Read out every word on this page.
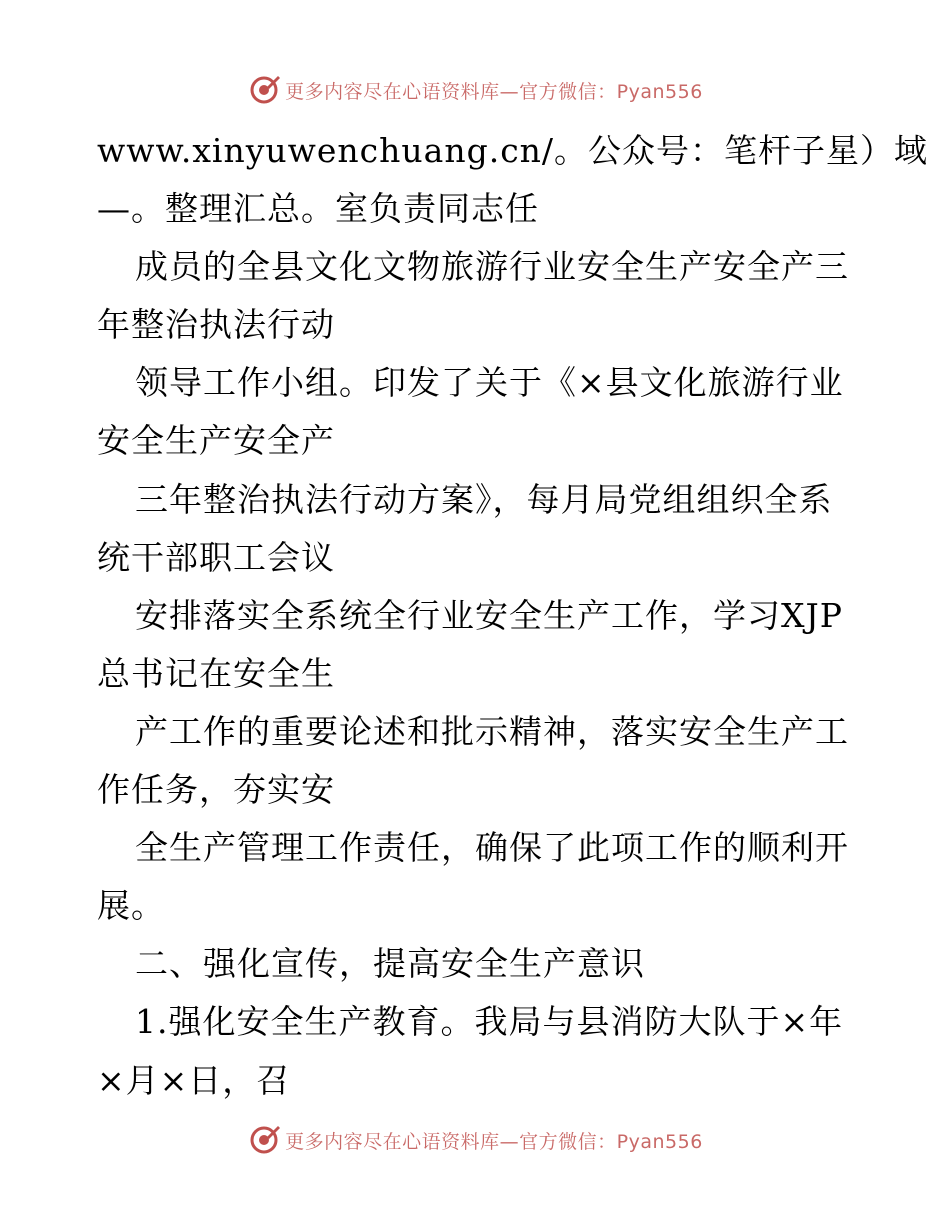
更多内容尽在心语资料库—官方微信：Pyan556
www.xinyuwenchuang.cn/。公众号：笔杆子星）域
—。整理汇总。室负责同志任
成员的全县文化文物旅游行业安全生产安全产三
年整治执法行动
领导工作小组。印发了关于《×县文化旅游行业
安全生产安全产
三年整治执法行动方案》，每月局党组组织全系
统干部职工会议
安排落实全系统全行业安全生产工作，学习XJP
总书记在安全生
产工作的重要论述和批示精神，落实安全生产工
作任务，夯实安
全生产管理工作责任，确保了此项工作的顺利开
展。
二、强化宣传，提高安全生产意识
1.强化安全生产教育。我局与县消防大队于×年
×月×日，召
更多内容尽在心语资料库—官方微信：Pyan556
